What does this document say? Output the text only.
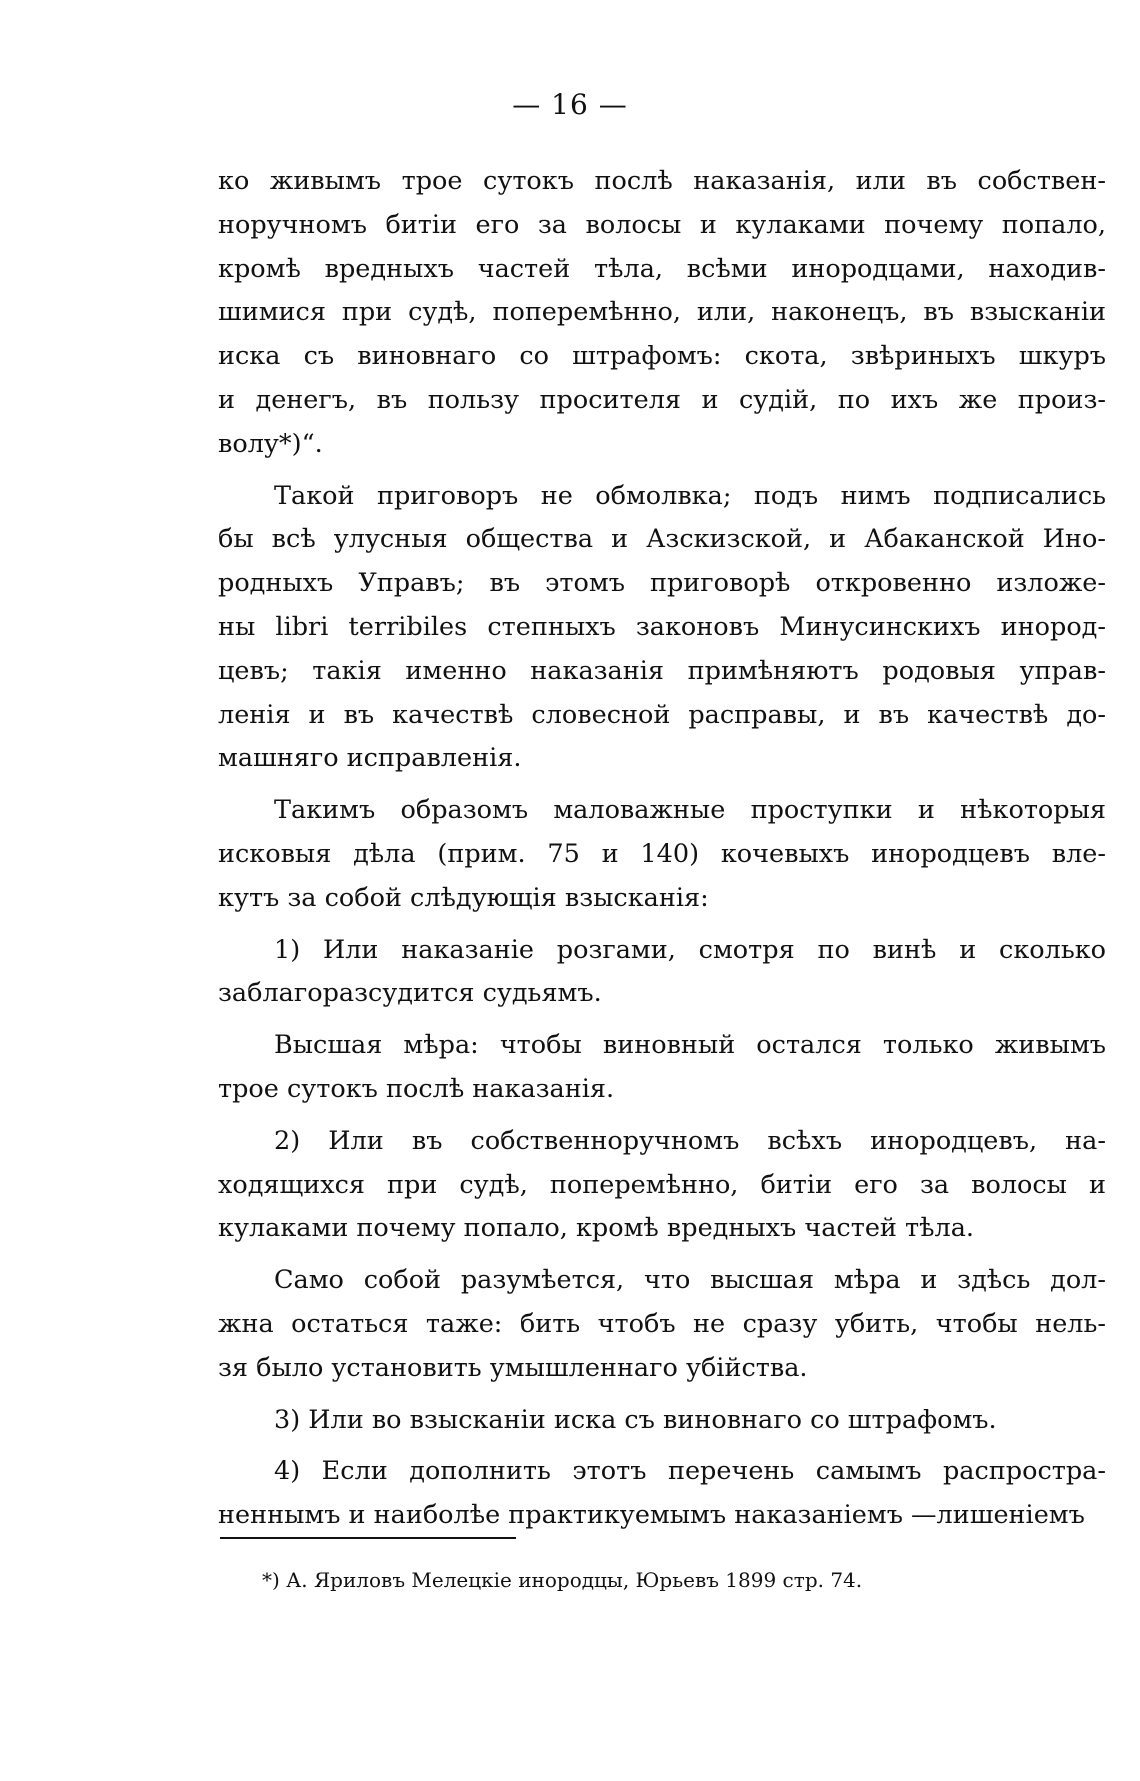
— 16 —
ко живымъ трое сутокъ послѣ наказанія, или въ собствен-
норучномъ битіи его за волосы и кулаками почему попало,
кромѣ вредныхъ частей тѣла, всѣми инородцами, находив-
шимися при судѣ, поперемѣнно, или, наконецъ, въ взысканіи
иска съ виновнаго со штрафомъ: скота, звѣриныхъ шкуръ
и денегъ, въ пользу просителя и судій, по ихъ же произ-
волу*)“.
Такой приговоръ не обмолвка; подъ нимъ подписались
бы всѣ улусныя общества и Азскизской, и Абаканской Ино-
родныхъ Управъ; въ этомъ приговорѣ откровенно изложе-
ны libri terribiles степныхъ законовъ Минусинскихъ инород-
цевъ; такія именно наказанія примѣняютъ родовыя управ-
ленія и въ качествѣ словесной расправы, и въ качествѣ до-
машняго исправленія.
Такимъ образомъ маловажные проступки и нѣкоторыя
исковыя дѣла (прим. 75 и 140) кочевыхъ инородцевъ вле-
кутъ за собой слѣдующія взысканія:
1) Или наказаніе розгами, смотря по винѣ и сколько
заблагоразсудится судьямъ.
Высшая мѣра: чтобы виновный остался только живымъ
трое сутокъ послѣ наказанія.
2) Или въ собственноручномъ всѣхъ инородцевъ, на-
ходящихся при судѣ, поперемѣнно, битіи его за волосы и
кулаками почему попало, кромѣ вредныхъ частей тѣла.
Само собой разумѣется, что высшая мѣра и здѣсь дол-
жна остаться таже: бить чтобъ не сразу убить, чтобы нель-
зя было установить умышленнаго убійства.
3) Или во взысканіи иска съ виновнаго со штрафомъ.
4) Если дополнить этотъ перечень самымъ распростра-
неннымъ и наиболѣе практикуемымъ наказаніемъ —лишеніемъ
*) А. Яриловъ Мелецкіе инородцы, Юрьевъ 1899 стр. 74.
